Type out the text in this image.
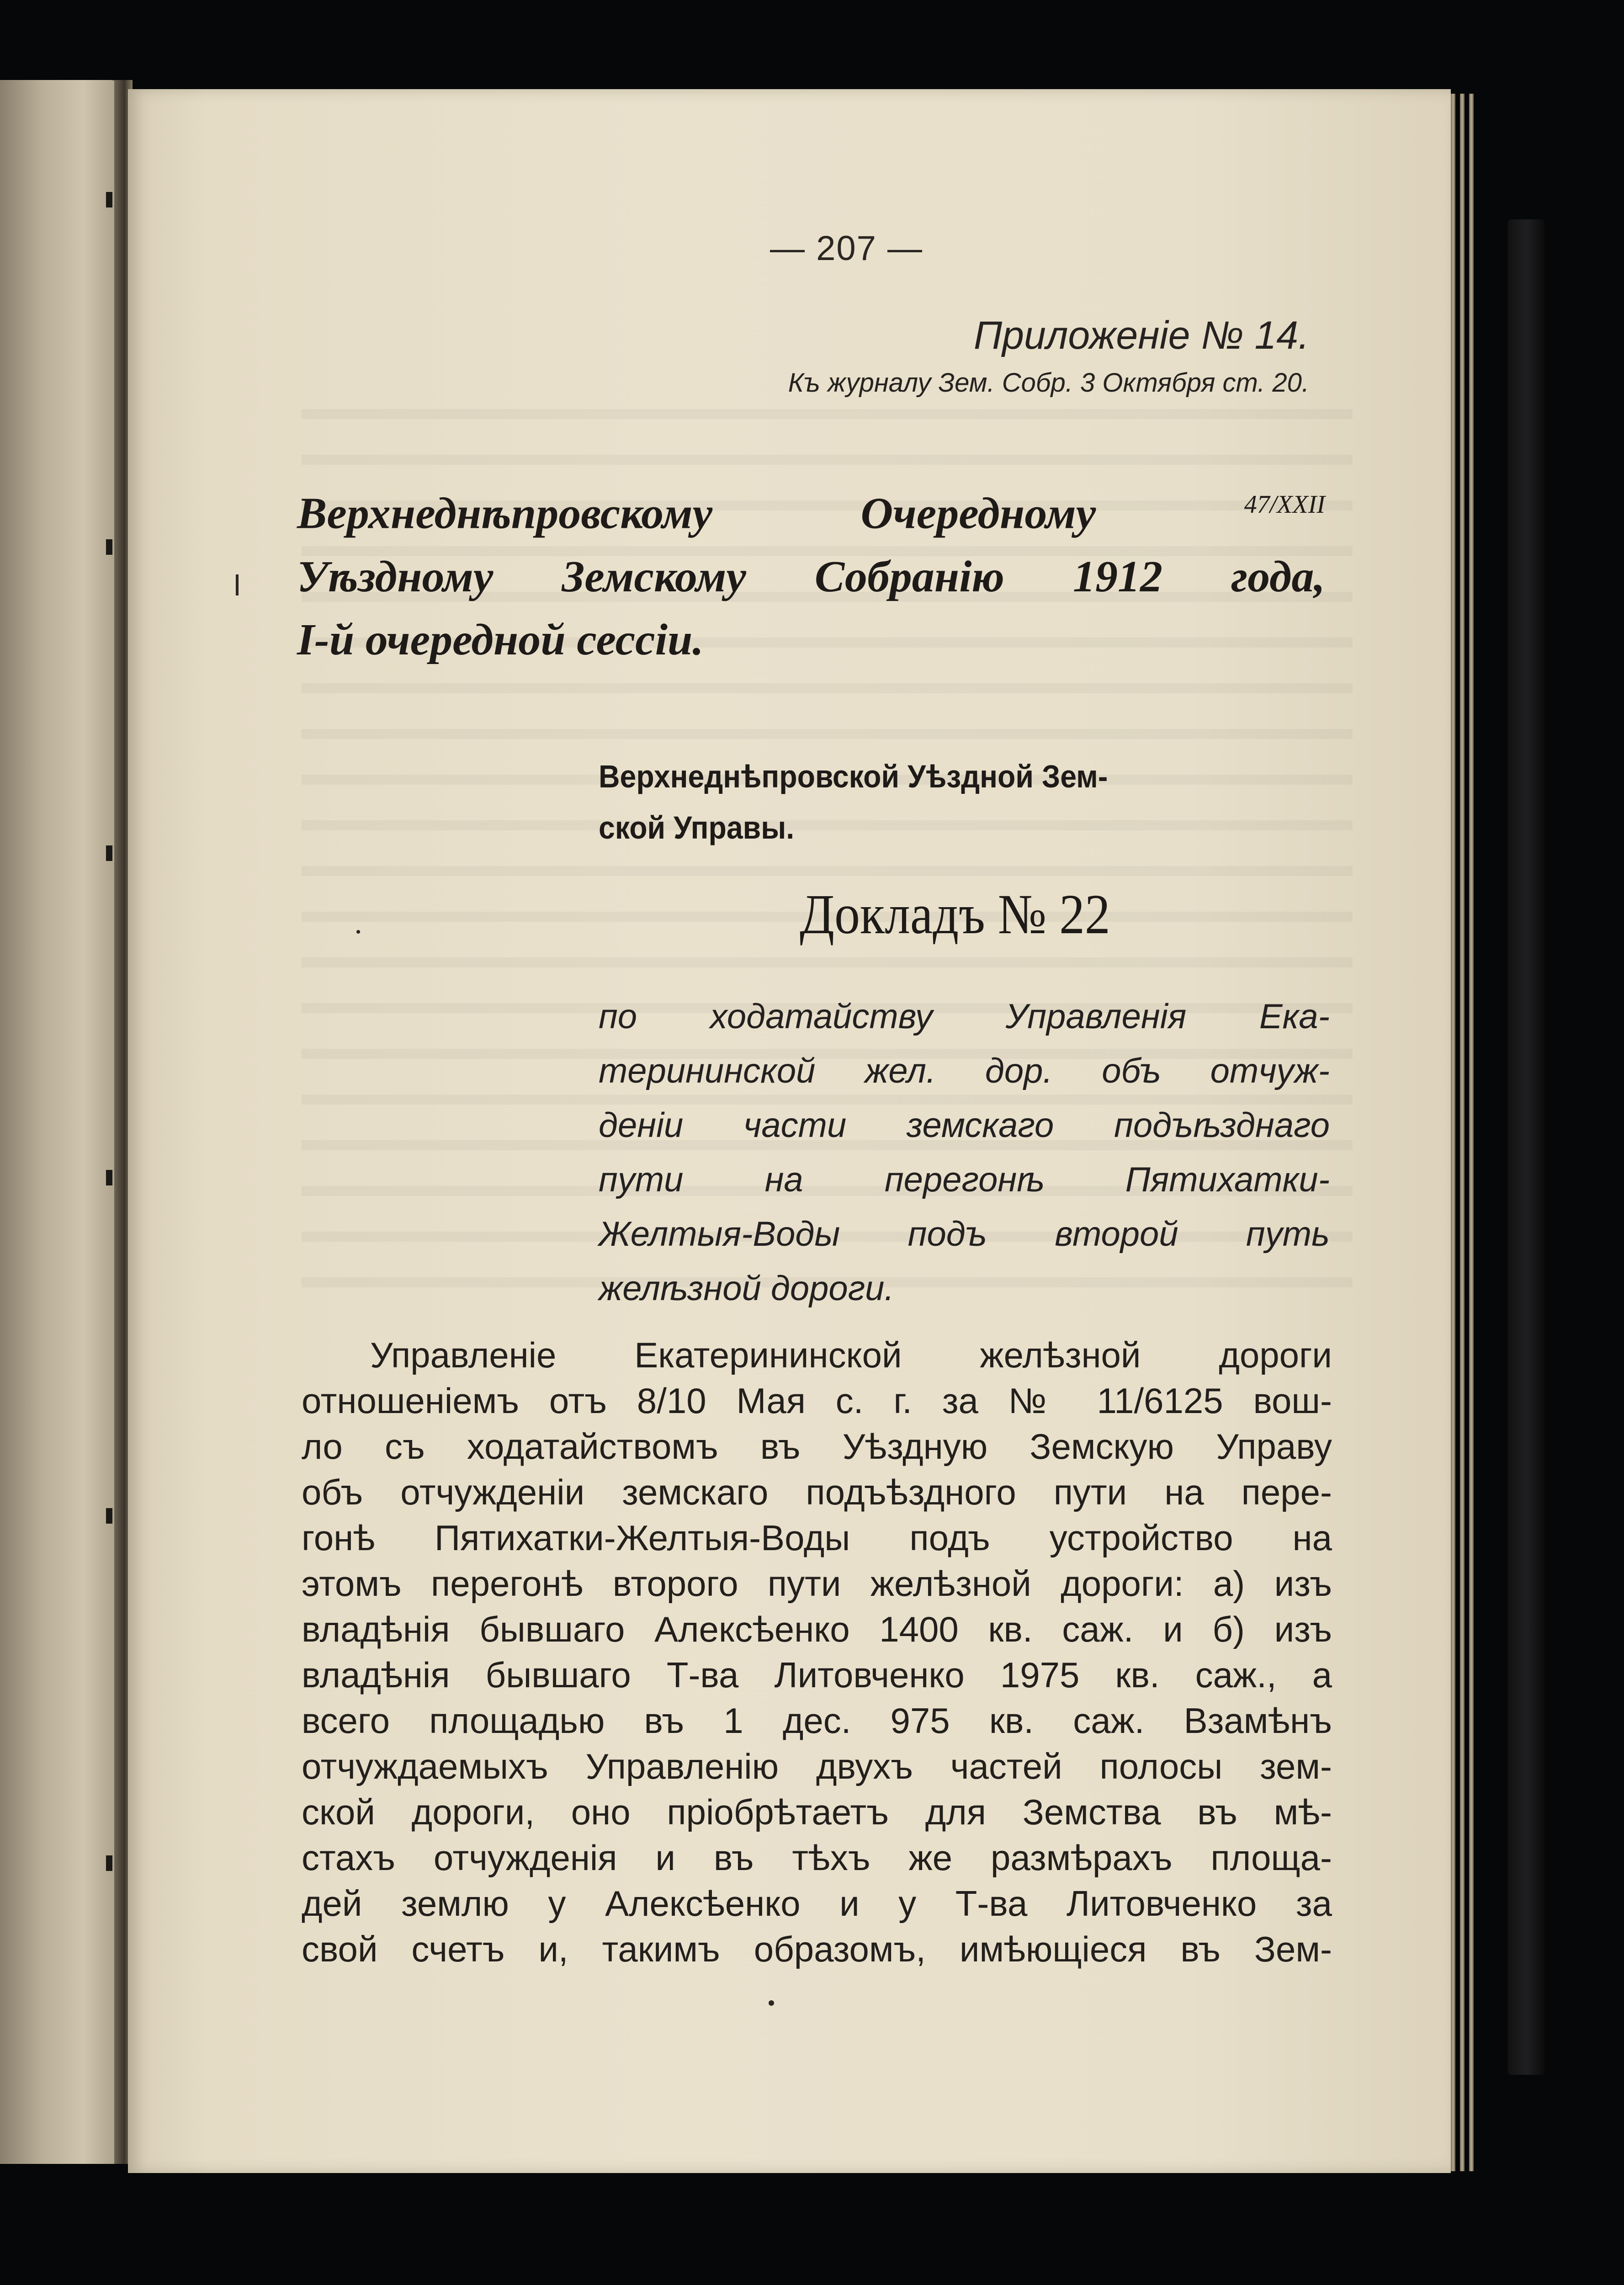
— 207 —
Приложеніе № 14.
Къ журналу Зем. Собр. 3 Октября ст. 20.
Верхнеднѣпровскому Очередному	$^{47/XXII}$
Уѣздному Земскому Собранію 1912 года,
І-й очередной сессіи.
Верхнеднѣпровской Уѣздной Зем-
ской Управы.
Докладъ № 22
по ходатайству Управленія Ека-
терининской жел. дор. объ отчуж-
деніи части земскаго подъѣзднаго
пути на перегонѣ Пятихатки-
Желтыя-Воды подъ второй путь
желѣзной дороги.
Управленіе Екатерининской желѣзной дороги
отношеніемъ отъ 8/10 Мая с. г. за № 11/6125 вош-
ло съ ходатайствомъ въ Уѣздную Земскую Управу
объ отчужденіи земскаго подъѣздного пути на пере-
гонѣ Пятихатки-Желтыя-Воды подъ устройство на
этомъ перегонѣ второго пути желѣзной дороги: а) изъ
владѣнія бывшаго Алексѣенко 1400 кв. саж. и б) изъ
владѣнія бывшаго Т-ва Литовченко 1975 кв. саж., а
всего площадью въ 1 дес. 975 кв. саж. Взамѣнъ
отчуждаемыхъ Управленію двухъ частей полосы зем-
ской дороги, оно пріобрѣтаетъ для Земства въ мѣ-
стахъ отчужденія и въ тѣхъ же размѣрахъ площа-
дей землю у Алексѣенко и у Т-ва Литовченко за
свой счетъ и, такимъ образомъ, имѣющіеся въ Зем-
